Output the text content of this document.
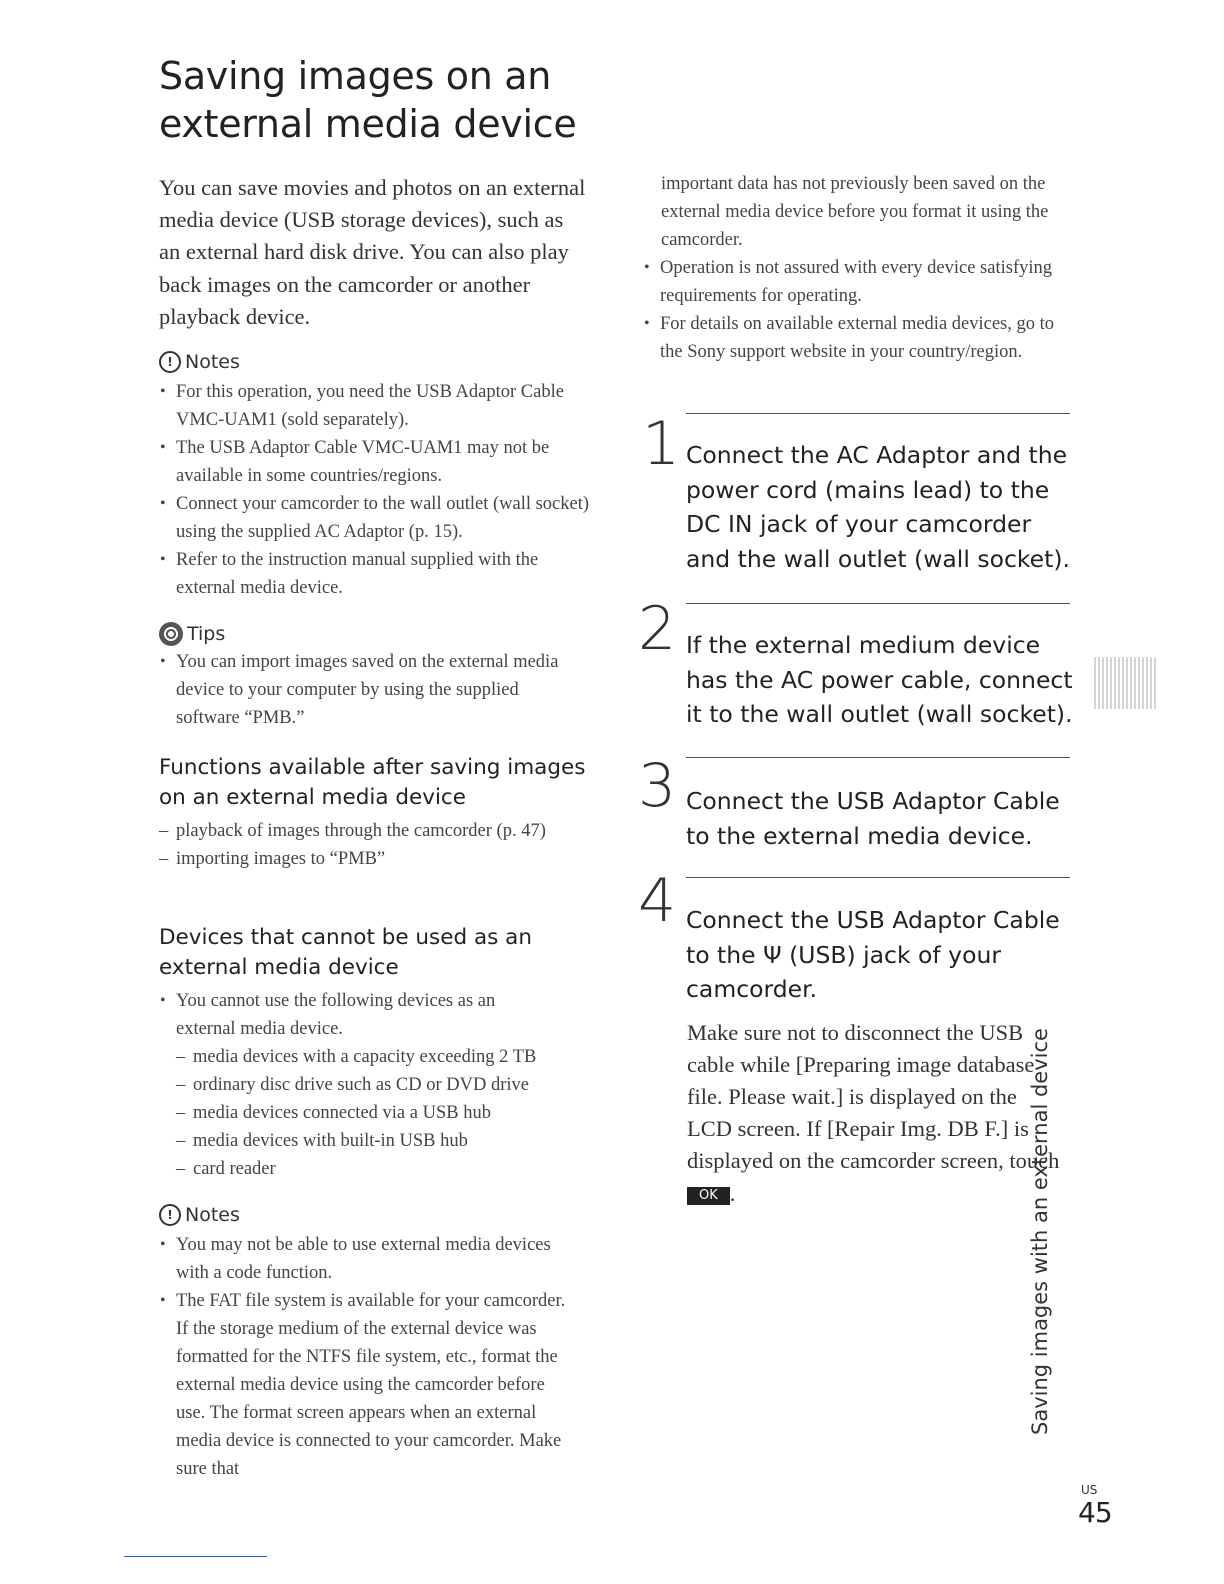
Saving images on an
external media device

You can save movies and photos on an external media device (USB storage devices), such as an external hard disk drive. You can also play back images on the camcorder or another playback device.

! Notes
• For this operation, you need the USB Adaptor Cable VMC-UAM1 (sold separately).
• The USB Adaptor Cable VMC-UAM1 may not be available in some countries/regions.
• Connect your camcorder to the wall outlet (wall socket) using the supplied AC Adaptor (p. 15).
• Refer to the instruction manual supplied with the external media device.
Tips
• You can import images saved on the external media device to your computer by using the supplied software “PMB.”
Functions available after saving images on an external media device
– playback of images through the camcorder (p. 47)
– importing images to “PMB”
Devices that cannot be used as an external media device
• You cannot use the following devices as an external media device.
– media devices with a capacity exceeding 2 TB
– ordinary disc drive such as CD or DVD drive
– media devices connected via a USB hub
– media devices with built-in USB hub
– card reader
! Notes
• You may not be able to use external media devices with a code function.
• The FAT file system is available for your camcorder. If the storage medium of the external device was formatted for the NTFS file system, etc., format the external media device using the camcorder before use. The format screen appears when an external media device is connected to your camcorder. Make sure that
important data has not previously been saved on the external media device before you format it using the camcorder.
• Operation is not assured with every device satisfying requirements for operating.
• For details on available external media devices, go to the Sony support website in your country/region.
1 Connect the AC Adaptor and the power cord (mains lead) to the DC IN jack of your camcorder and the wall outlet (wall socket).
2 If the external medium device has the AC power cable, connect it to the wall outlet (wall socket).
3 Connect the USB Adaptor Cable to the external media device.
4 Connect the USB Adaptor Cable to the Ψ (USB) jack of your camcorder.
Make sure not to disconnect the USB cable while [Preparing image database file. Please wait.] is displayed on the LCD screen. If [Repair Img. DB F.] is displayed on the camcorder screen, touch OK .	Saving images with an external device
US
45
